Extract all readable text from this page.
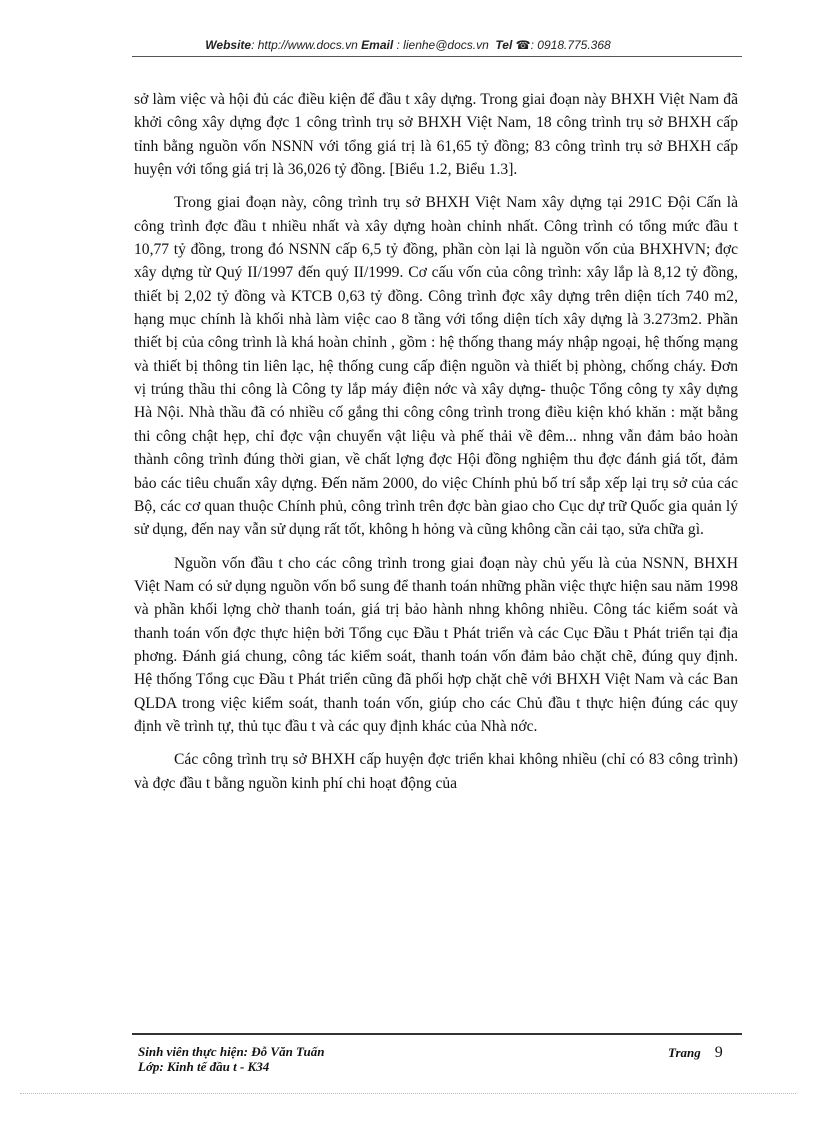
Website: http://www.docs.vn Email : lienhe@docs.vn Tel ☎: 0918.775.368

sở làm việc và hội đủ các điều kiện để đầu t xây dựng. Trong giai đoạn này BHXH Việt Nam đã khởi công xây dựng đợc 1 công trình trụ sở BHXH Việt Nam, 18 công trình trụ sở BHXH cấp tỉnh bằng nguồn vốn NSNN với tổng giá trị là 61,65 tỷ đồng; 83 công trình trụ sở BHXH cấp huyện với tổng giá trị là 36,026 tỷ đồng. [Biểu 1.2, Biểu 1.3].

Trong giai đoạn này, công trình trụ sở BHXH Việt Nam xây dựng tại 291C Đội Cấn là công trình đợc đầu t nhiều nhất và xây dựng hoàn chỉnh nhất. Công trình có tổng mức đầu t 10,77 tỷ đồng, trong đó NSNN cấp 6,5 tỷ đồng, phần còn lại là nguồn vốn của BHXHVN; đợc xây dựng từ Quý II/1997 đến quý II/1999. Cơ cấu vốn của công trình: xây lắp là 8,12 tỷ đồng, thiết bị 2,02 tỷ đồng và KTCB 0,63 tỷ đồng. Công trình đợc xây dựng trên diện tích 740 m2, hạng mục chính là khối nhà làm việc cao 8 tầng với tổng diện tích xây dựng là 3.273m2. Phần thiết bị của công trình là khá hoàn chỉnh , gồm : hệ thống thang máy nhập ngoại, hệ thống mạng và thiết bị thông tin liên lạc, hệ thống cung cấp điện nguồn và thiết bị phòng, chống cháy. Đơn vị trúng thầu thi công là Công ty lắp máy điện nớc và xây dựng- thuộc Tổng công ty xây dựng Hà Nội. Nhà thầu đã có nhiều cố gắng thi công công trình trong điều kiện khó khăn : mặt bằng thi công chật hẹp, chỉ đợc vận chuyển vật liệu và phế thải về đêm... nhng vẫn đảm bảo hoàn thành công trình đúng thời gian, về chất lợng đợc Hội đồng nghiệm thu đợc đánh giá tốt, đảm bảo các tiêu chuẩn xây dựng. Đến năm 2000, do việc Chính phủ bố trí sắp xếp lại trụ sở của các Bộ, các cơ quan thuộc Chính phủ, công trình trên đợc bàn giao cho Cục dự trữ Quốc gia quản lý sử dụng, đến nay vẫn sử dụng rất tốt, không h hỏng và cũng không cần cải tạo, sửa chữa gì.

Nguồn vốn đầu t cho các công trình trong giai đoạn này chủ yếu là của NSNN, BHXH Việt Nam có sử dụng nguồn vốn bổ sung để thanh toán những phần việc thực hiện sau năm 1998 và phần khối lợng chờ thanh toán, giá trị bảo hành nhng không nhiều. Công tác kiểm soát và thanh toán vốn đợc thực hiện bởi Tổng cục Đầu t Phát triển và các Cục Đầu t Phát triển tại địa phơng. Đánh giá chung, công tác kiểm soát, thanh toán vốn đảm bảo chặt chẽ, đúng quy định. Hệ thống Tổng cục Đầu t Phát triển cũng đã phối hợp chặt chẽ với BHXH Việt Nam và các Ban QLDA trong việc kiểm soát, thanh toán vốn, giúp cho các Chủ đầu t thực hiện đúng các quy định về trình tự, thủ tục đầu t và các quy định khác của Nhà nớc.

Các công trình trụ sở BHXH cấp huyện đợc triển khai không nhiều (chỉ có 83 công trình) và đợc đầu t bằng nguồn kinh phí chi hoạt động của

Sinh viên thực hiện: Đỗ Văn Tuấn
Lớp: Kinh tế đầu t - K34
Trang 9
